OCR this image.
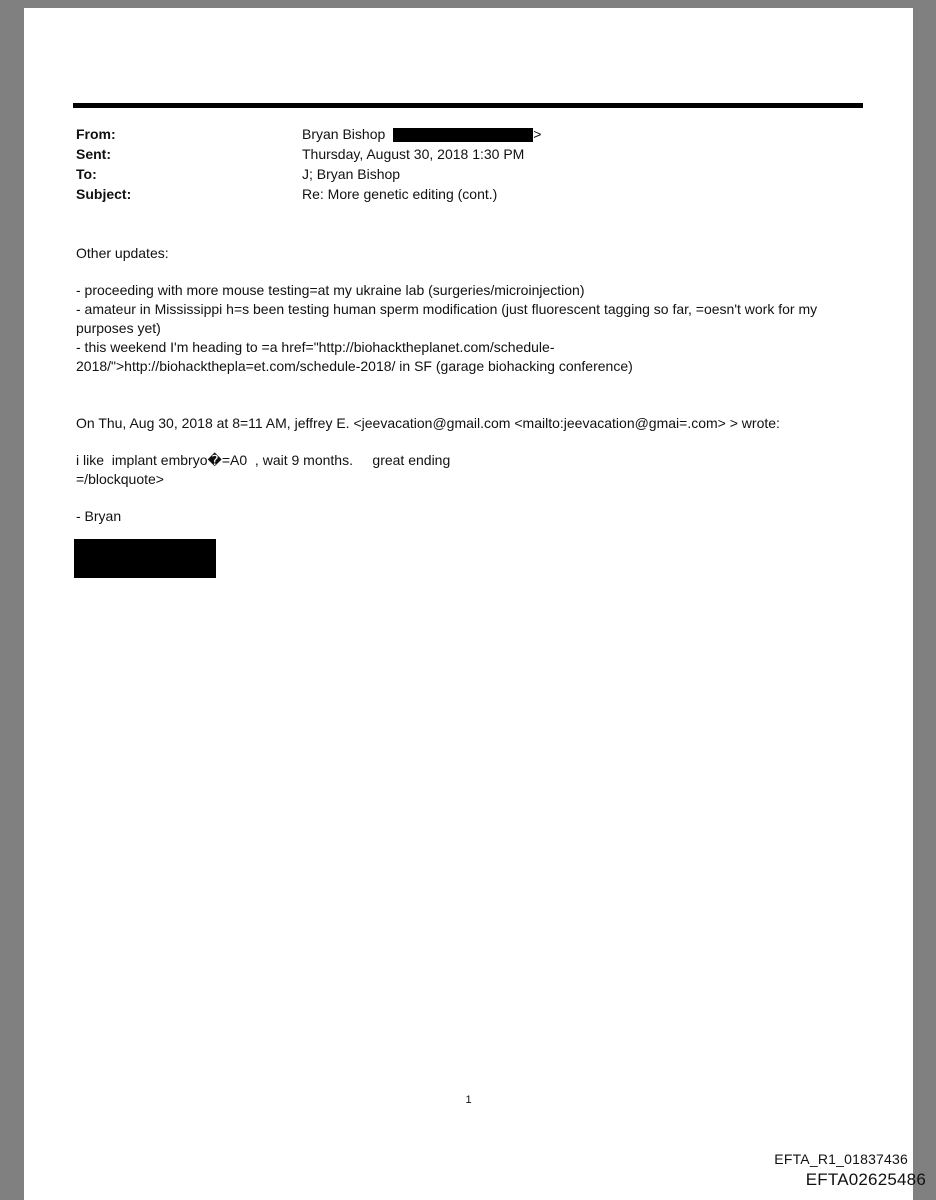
From:	Bryan Bishop	>
Sent:	Thursday, August 30, 2018 1:30 PM
To:	J; Bryan Bishop
Subject:	Re: More genetic editing (cont.)

Other updates:

- proceeding with more mouse testing=at my ukraine lab (surgeries/microinjection)

- amateur in Mississippi h=s been testing human sperm modification (just fluorescent tagging so far, =oesn't work for my

purposes yet)

- this weekend I'm heading to =a href="http://biohacktheplanet.com/schedule-

2018/">http://biohackthepla=et.com/schedule-2018/ in SF (garage biohacking conference)

On Thu, Aug 30, 2018 at 8=11 AM, jeffrey E. <jeevacation@gmail.com <mailto:jeevacation@gmai=.com> > wrote:

i like  implant embryo�=A0  , wait 9 months.     great ending

=/blockquote>

- Bryan

1
EFTA_R1_01837436
EFTA02625486
